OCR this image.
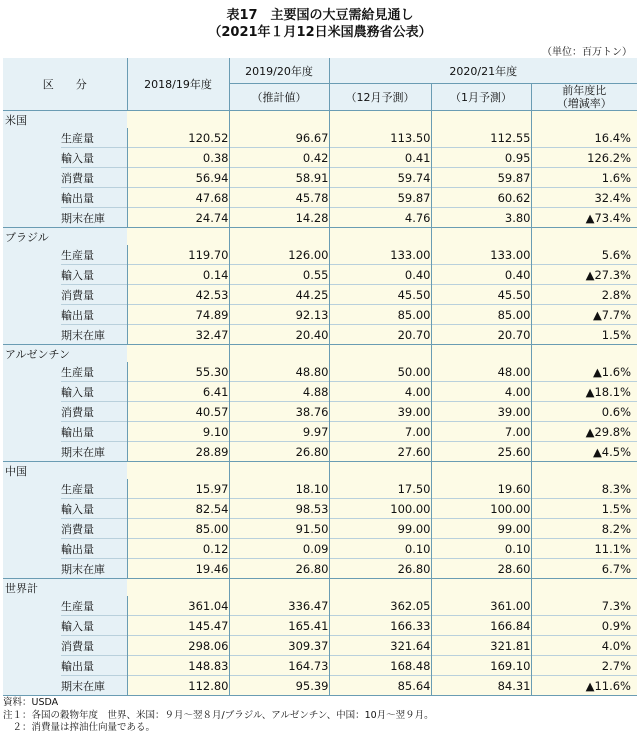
表17　主要国の大豆需給見通し
（2021年１月12日米国農務省公表）
（単位：百万トン）
区　　分		2018/19年度	2019/20年度	2020/21年度		
			（推計値）	（12月予測）	（1月予測）	前年度比
（増減率）
米国						
	生産量	120.52	96.67	113.50	112.55	16.4%
	輸入量	0.38	0.42	0.41	0.95	126.2%
	消費量	56.94	58.91	59.74	59.87	1.6%
	輸出量	47.68	45.78	59.87	60.62	32.4%
	期末在庫	24.74	14.28	4.76	3.80	▲73.4%
ブラジル						
	生産量	119.70	126.00	133.00	133.00	5.6%
	輸入量	0.14	0.55	0.40	0.40	▲27.3%
	消費量	42.53	44.25	45.50	45.50	2.8%
	輸出量	74.89	92.13	85.00	85.00	▲7.7%
	期末在庫	32.47	20.40	20.70	20.70	1.5%
アルゼンチン						
	生産量	55.30	48.80	50.00	48.00	▲1.6%
	輸入量	6.41	4.88	4.00	4.00	▲18.1%
	消費量	40.57	38.76	39.00	39.00	0.6%
	輸出量	9.10	9.97	7.00	7.00	▲29.8%
	期末在庫	28.89	26.80	27.60	25.60	▲4.5%
中国						
	生産量	15.97	18.10	17.50	19.60	8.3%
	輸入量	82.54	98.53	100.00	100.00	1.5%
	消費量	85.00	91.50	99.00	99.00	8.2%
	輸出量	0.12	0.09	0.10	0.10	11.1%
	期末在庫	19.46	26.80	26.80	28.60	6.7%
世界計						
	生産量	361.04	336.47	362.05	361.00	7.3%
	輸入量	145.47	165.41	166.33	166.84	0.9%
	消費量	298.06	309.37	321.64	321.81	4.0%
	輸出量	148.83	164.73	168.48	169.10	2.7%
	期末在庫	112.80	95.39	85.64	84.31	▲11.6%
資料：USDA
注１：各国の穀物年度　世界、米国：９月～翌８月/ブラジル、アルゼンチン、中国：10月～翌９月。
　２：消費量は搾油仕向量である。
